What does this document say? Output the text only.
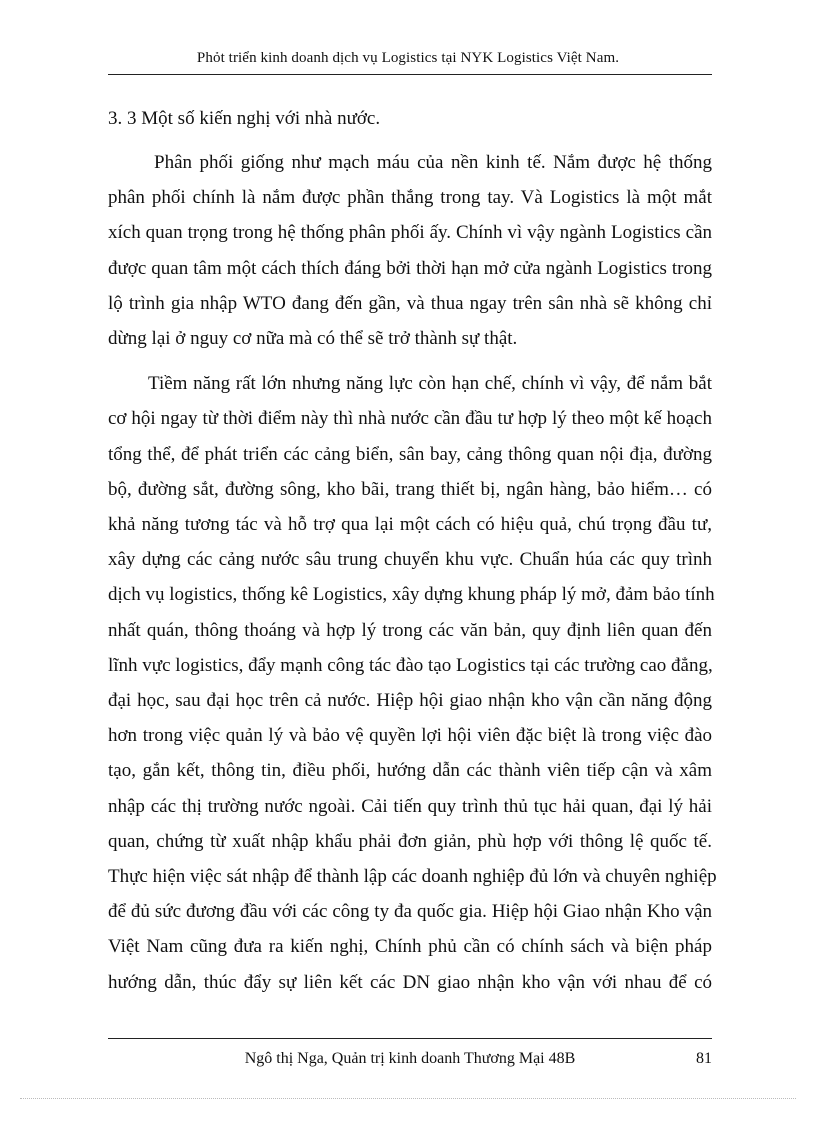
Phỏt triển kinh doanh dịch vụ Logistics tại NYK Logistics Việt Nam.
3. 3 Một số kiến nghị với nhà nước.
Phân phối giống như mạch máu của nền kinh tế. Nắm được hệ thống
phân phối chính là nắm được phần thắng trong tay. Và Logistics là một mắt
xích quan trọng trong hệ thống phân phối ấy. Chính vì vậy ngành Logistics cần
được quan tâm một cách thích đáng bởi thời hạn mở cửa ngành Logistics trong
lộ trình gia nhập WTO đang đến gần, và thua ngay trên sân nhà sẽ không chỉ
dừng lại ở nguy cơ nữa mà có thể sẽ trở thành sự thật.
Tiềm năng rất lớn nhưng năng lực còn hạn chế, chính vì vậy, để nắm bắt
cơ hội ngay từ thời điểm này thì nhà nước cần đầu tư hợp lý theo một kế hoạch
tổng thể, để phát triển các cảng biển, sân bay, cảng thông quan nội địa, đường
bộ, đường sắt, đường sông, kho bãi, trang thiết bị, ngân hàng, bảo hiểm… có
khả năng tương tác và hỗ trợ qua lại một cách có hiệu quả, chú trọng đầu tư,
xây dựng các cảng nước sâu trung chuyển khu vực. Chuẩn húa các quy trình
dịch vụ logistics, thống kê Logistics, xây dựng khung pháp lý mở, đảm bảo tính
nhất quán, thông thoáng và hợp lý trong các văn bản, quy định liên quan đến
lĩnh vực logistics, đẩy mạnh công tác đào tạo Logistics tại các trường cao đẳng,
đại học, sau đại học trên cả nước. Hiệp hội giao nhận kho vận cần năng động
hơn trong việc quản lý và bảo vệ quyền lợi hội viên đặc biệt là trong việc đào
tạo, gắn kết, thông tin, điều phối, hướng dẫn các thành viên tiếp cận và xâm
nhập các thị trường nước ngoài. Cải tiến quy trình thủ tục hải quan, đại lý hải
quan, chứng từ xuất nhập khẩu phải đơn giản, phù hợp với thông lệ quốc tế.
Thực hiện việc sát nhập để thành lập các doanh nghiệp đủ lớn và chuyên nghiệp
để đủ sức đương đầu với các công ty đa quốc gia. Hiệp hội Giao nhận Kho vận
Việt Nam cũng đưa ra kiến nghị, Chính phủ cần có chính sách và biện pháp
hướng dẫn, thúc đẩy sự liên kết các DN giao nhận kho vận với nhau để có
Ngô thị Nga, Quản trị kinh doanh Thương Mại 48B	81
